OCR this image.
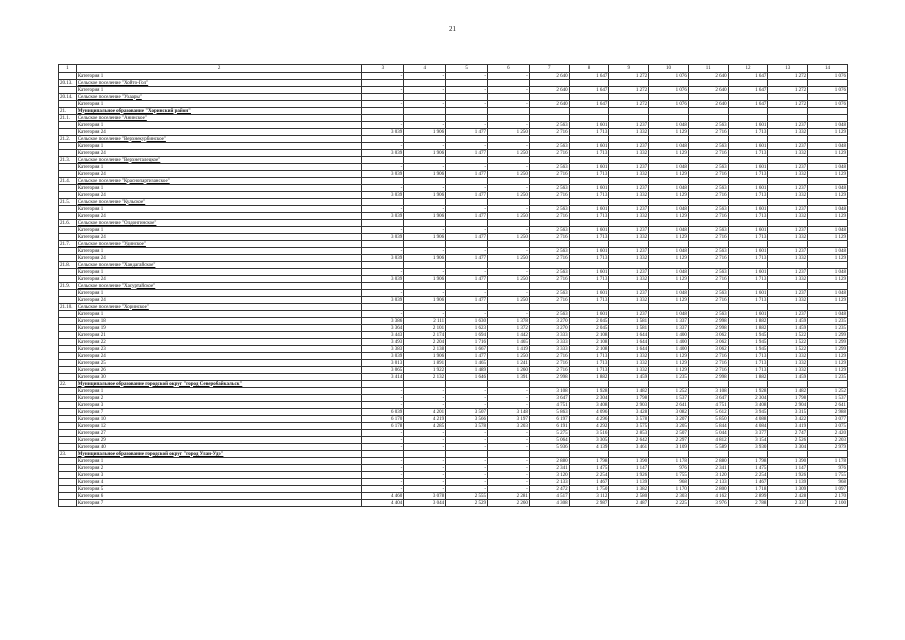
21
1	2	3	4	5	6	7	8	9	10	11	12	13	14
	Категория 1	-	-	-	-	2 640	1 647	1 272	1 076	2 640	1 647	1 272	1 076
20.13.	Сельское поселение "Хойто-Гол"												
	Категория 1	-	-	-	-	2 640	1 647	1 272	1 076	2 640	1 647	1 272	1 076
20.14.	Сельское поселение "Ухаары"												
	Категория 1	-	-	-	-	2 640	1 647	1 272	1 076	2 640	1 647	1 272	1 076
21.	Муниципальное образование "Хоринский район"												
21.1.	Сельское поселение "Анинское"												
	Категория 1	-	-	-	-	2 563	1 601	1 237	1 048	2 563	1 601	1 237	1 048
	Категория 24	3 039	1 906	1 477	1 250	2 716	1 713	1 332	1 129	2 716	1 713	1 332	1 129
21.2.	Сельское поселение "Верхнекурбинское"												
	Категория 1	-	-	-	-	2 563	1 601	1 237	1 048	2 563	1 601	1 237	1 048
	Категория 24	3 039	1 906	1 477	1 250	2 716	1 713	1 332	1 129	2 716	1 713	1 332	1 129
21.3.	Сельское поселение "Верхнеталецкое"												
	Категория 1	-	-	-	-	2 563	1 601	1 237	1 048	2 563	1 601	1 237	1 048
	Категория 24	3 039	1 906	1 477	1 250	2 716	1 713	1 332	1 129	2 716	1 713	1 332	1 129
21.4.	Сельское поселение "Краснопартизанское"												
	Категория 1	-	-	-	-	2 563	1 601	1 237	1 048	2 563	1 601	1 237	1 048
	Категория 24	3 039	1 906	1 477	1 250	2 716	1 713	1 332	1 129	2 716	1 713	1 332	1 129
21.5.	Сельское поселение "Кульское"												
	Категория 1	-	-	-	-	2 563	1 601	1 237	1 048	2 563	1 601	1 237	1 048
	Категория 24	3 039	1 906	1 477	1 250	2 716	1 713	1 332	1 129	2 716	1 713	1 332	1 129
21.6.	Сельское поселение "Олдонгинское"												
	Категория 1	-	-	-	-	2 563	1 601	1 237	1 048	2 563	1 601	1 237	1 048
	Категория 24	3 039	1 906	1 477	1 250	2 716	1 713	1 332	1 129	2 716	1 713	1 332	1 129
21.7.	Сельское поселение "Удинское"												
	Категория 1	-	-	-	-	2 563	1 601	1 237	1 048	2 563	1 601	1 237	1 048
	Категория 24	3 039	1 906	1 477	1 250	2 716	1 713	1 332	1 129	2 716	1 713	1 332	1 129
21.8.	Сельское поселение "Хандагайское"												
	Категория 1	-	-	-	-	2 563	1 601	1 237	1 048	2 563	1 601	1 237	1 048
	Категория 24	3 039	1 906	1 477	1 250	2 716	1 713	1 332	1 129	2 716	1 713	1 332	1 129
21.9.	Сельское поселение "Хасуртайское"												
	Категория 1	-	-	-	-	2 563	1 601	1 237	1 048	2 563	1 601	1 237	1 048
	Категория 24	3 039	1 906	1 477	1 250	2 716	1 713	1 332	1 129	2 716	1 713	1 332	1 129
21.10.	Сельское поселение "Хоринское"												
	Категория 1	-	-	-	-	2 563	1 601	1 237	1 048	2 563	1 601	1 237	1 048
	Категория 18	3 386	2 111	1 630	1 378	3 270	2 045	1 581	1 337	2 998	1 882	1 459	1 235
	Категория 19	3 364	2 101	1 623	1 372	3 270	2 045	1 581	1 337	2 998	1 882	1 459	1 235
	Категория 21	3 443	2 174	1 694	1 442	3 333	2 108	1 644	1 400	3 062	1 945	1 522	1 299
	Категория 22	3 493	2 204	1 716	1 465	3 333	2 108	1 644	1 400	3 062	1 945	1 522	1 299
	Категория 23	3 383	2 138	1 667	1 419	3 333	2 108	1 644	1 400	3 062	1 945	1 522	1 299
	Категория 24	3 039	1 906	1 477	1 250	2 716	1 713	1 332	1 129	2 716	1 713	1 332	1 129
	Категория 25	3 013	1 891	1 465	1 241	2 716	1 713	1 332	1 129	2 716	1 713	1 332	1 129
	Категория 26	3 065	1 922	1 489	1 260	2 716	1 713	1 332	1 129	2 716	1 713	1 332	1 129
	Категория 30	3 414	2 132	1 646	1 391	2 998	1 882	1 459	1 235	2 998	1 882	1 459	1 235
22.	Муниципальное образование городской округ "город Северобайкальск"												
	Категория 1	-	-	-	-	3 108	1 928	1 482	1 252	3 108	1 928	1 482	1 252
	Категория 2	-	-	-	-	3 647	2 304	1 798	1 537	3 647	2 304	1 798	1 537
	Категория 3	-	-	-	-	4 751	3 408	2 903	2 641	4 751	3 408	2 904	2 641
	Категория 7	6 039	4 201	3 507	3 148	5 863	4 096	3 428	3 082	5 612	3 945	3 315	2 988
	Категория 10	6 170	4 219	3 566	3 197	6 197	4 296	3 578	3 207	5 850	4 088	3 422	3 077
	Категория 12	6 178	4 285	3 578	3 203	6 191	4 292	3 575	3 205	5 844	4 084	3 419	3 075
	Категория 27	-	-	-	-	5 275	3 516	2 853	2 507	5 044	3 377	2 747	2 420
	Категория 29	-	-	-	-	5 064	3 305	2 642	2 297	4 812	3 154	2 526	2 203
	Категория 40	-	-	-	-	5 936	4 139	3 461	3 109	5 589	3 930	3 304	2 979
23.	Муниципальное образование городской округ "город Улан-Удэ"												
	Категория 1	-	-	-	-	2 880	1 798	1 390	1 178	2 880	1 798	1 390	1 178
	Категория 2	-	-	-	-	2 341	1 475	1 147	976	2 341	1 475	1 147	976
	Категория 3	-	-	-	-	3 120	2 254	1 926	1 755	3 120	2 254	1 926	1 755
	Категория 4	-	-	-	-	2 133	1 467	1 139	968	2 133	1 467	1 139	968
	Категория 5	-	-	-	-	2 472	1 750	1 382	1 170	2 800	1 718	1 309	1 097
	Категория 6	4 460	3 078	2 555	2 281	4 517	3 112	2 580	2 303	4 162	2 899	2 428	2 170
	Категория 7	4 404	3 044	2 529	2 260	4 308	2 987	2 487	2 225	3 976	2 788	2 337	2 100
